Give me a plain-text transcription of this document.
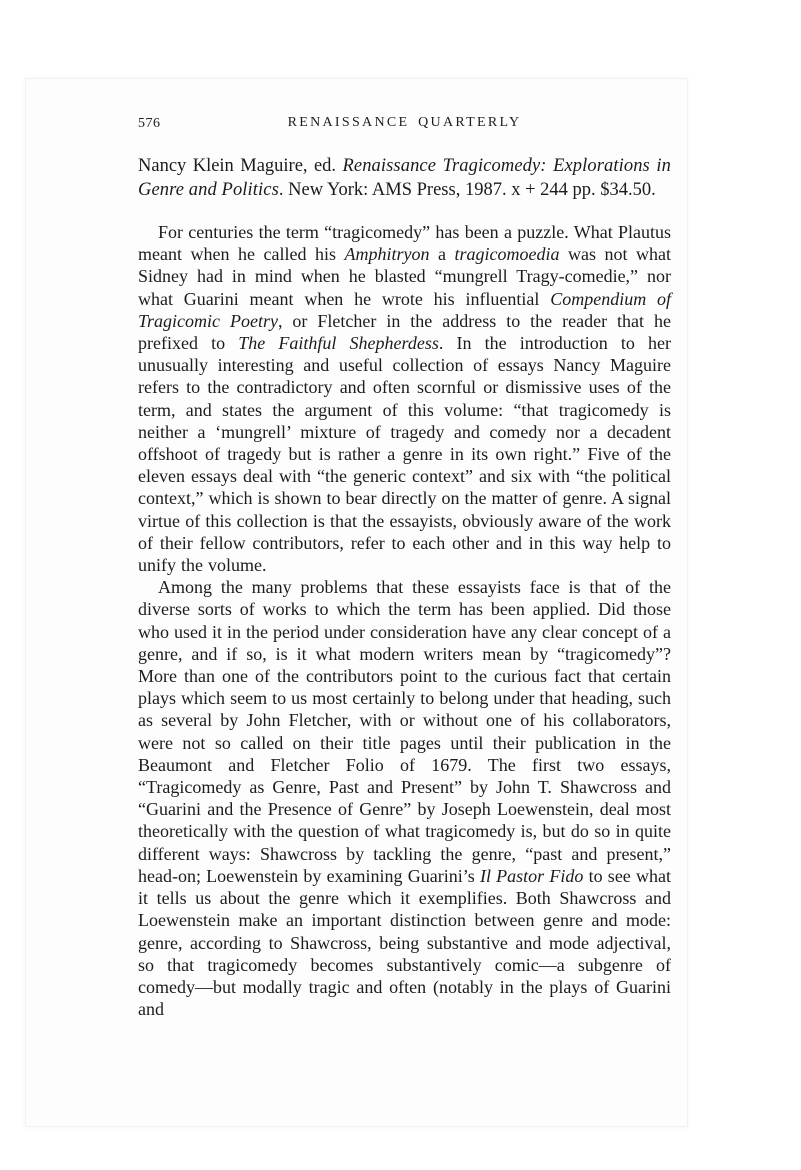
576	RENAISSANCE QUARTERLY

Nancy Klein Maguire, ed. Renaissance Tragicomedy: Explorations in Genre and Politics. New York: AMS Press, 1987. x + 244 pp. $34.50.

For centuries the term “tragicomedy” has been a puzzle. What Plautus meant when he called his Amphitryon a tragicomoedia was not what Sidney had in mind when he blasted “mungrell Tragy-comedie,” nor what Guarini meant when he wrote his influential Compendium of Tragicomic Poetry, or Fletcher in the address to the reader that he prefixed to The Faithful Shepherdess. In the introduction to her unusually interesting and useful collection of essays Nancy Maguire refers to the contradictory and often scornful or dismissive uses of the term, and states the argument of this volume: “that tragicomedy is neither a ‘mungrell’ mixture of tragedy and comedy nor a decadent offshoot of tragedy but is rather a genre in its own right.” Five of the eleven essays deal with “the generic context” and six with “the political context,” which is shown to bear directly on the matter of genre. A signal virtue of this collection is that the essayists, obviously aware of the work of their fellow contributors, refer to each other and in this way help to unify the volume.

Among the many problems that these essayists face is that of the diverse sorts of works to which the term has been applied. Did those who used it in the period under consideration have any clear concept of a genre, and if so, is it what modern writers mean by “tragicomedy”? More than one of the contributors point to the curious fact that certain plays which seem to us most certainly to belong under that heading, such as several by John Fletcher, with or without one of his collaborators, were not so called on their title pages until their publication in the Beaumont and Fletcher Folio of 1679. The first two essays, “Tragicomedy as Genre, Past and Present” by John T. Shawcross and “Guarini and the Presence of Genre” by Joseph Loewenstein, deal most theoretically with the question of what tragicomedy is, but do so in quite different ways: Shawcross by tackling the genre, “past and present,” head-on; Loewenstein by examining Guarini’s Il Pastor Fido to see what it tells us about the genre which it exemplifies. Both Shawcross and Loewenstein make an important distinction between genre and mode: genre, according to Shawcross, being substantive and mode adjectival, so that tragicomedy becomes substantively comic—a subgenre of comedy—but modally tragic and often (notably in the plays of Guarini and
